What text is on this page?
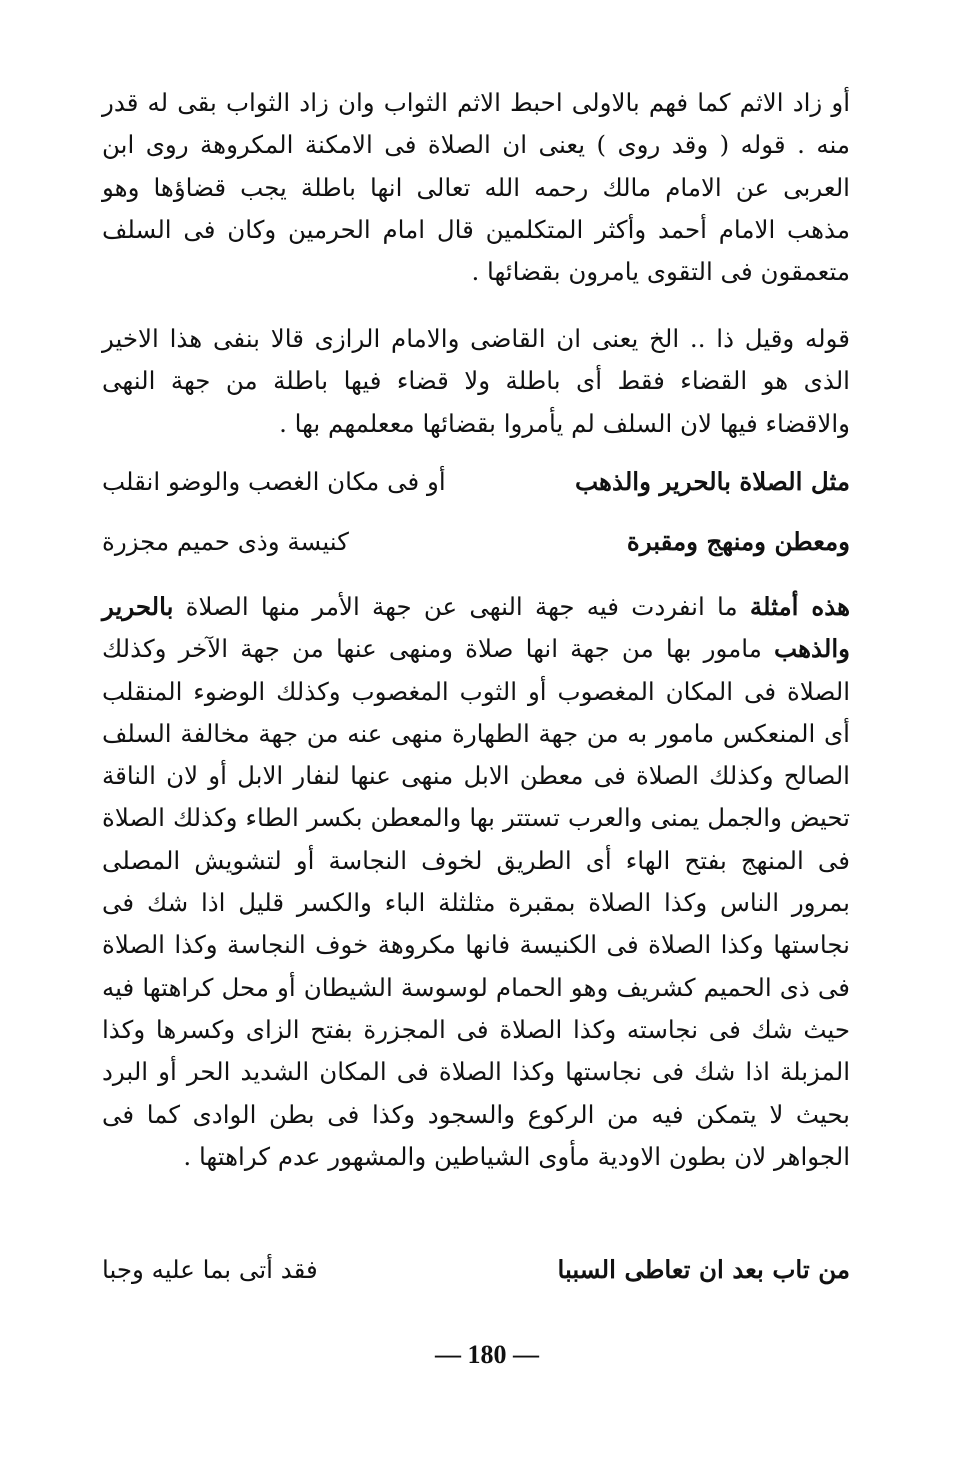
أو زاد الاثم كما فهم بالاولى احبط الاثم الثواب وان زاد الثواب بقى له قدر منه . قوله ( وقد روى ) يعنى ان الصلاة فى الامكنة المكروهة روى ابن العربى عن الامام مالك رحمه الله تعالى انها باطلة يجب قضاؤها وهو مذهب الامام أحمد وأكثر المتكلمين قال امام الحرمين وكان فى السلف متعمقون فى التقوى يامرون بقضائها .

قوله وقيل ذا .. الخ يعنى ان القاضى والامام الرازى قالا بنفى هذا الاخير الذى هو القضاء فقط أى باطلة ولا قضاء فيها باطلة من جهة النهى والاقضاء فيها لان السلف لم يأمروا بقضائها مععلمهم بها .

مثل الصلاة بالحرير والذهب
أو فى مكان الغصب والوضو انقلب
ومعطن ومنهج ومقبرة
كنيسة وذى حميم مجزرة

هذه أمثلة ما انفردت فيه جهة النهى عن جهة الأمر منها الصلاة بالحرير والذهب مامور بها من جهة انها صلاة ومنهى عنها من جهة الآخر وكذلك الصلاة فى المكان المغصوب أو الثوب المغصوب وكذلك الوضوء المنقلب أى المنعكس مامور به من جهة الطهارة منهى عنه من جهة مخالفة السلف الصالح وكذلك الصلاة فى معطن الابل منهى عنها لنفار الابل أو لان الناقة تحيض والجمل يمنى والعرب تستتر بها والمعطن بكسر الطاء وكذلك الصلاة فى المنهج بفتح الهاء أى الطريق لخوف النجاسة أو لتشويش المصلى بمرور الناس وكذا الصلاة بمقبرة مثلثلة الباء والكسر قليل اذا شك فى نجاستها وكذا الصلاة فى الكنيسة فانها مكروهة خوف النجاسة وكذا الصلاة فى ذى الحميم كشريف وهو الحمام لوسوسة الشيطان أو محل كراهتها فيه حيث شك فى نجاسته وكذا الصلاة فى المجزرة بفتح الزاى وكسرها وكذا المزبلة اذا شك فى نجاستها وكذا الصلاة فى المكان الشديد الحر أو البرد بحيث لا يتمكن فيه من الركوع والسجود وكذا فى بطن الوادى كما فى الجواهر لان بطون الاودية مأوى الشياطين والمشهور عدم كراهتها .

من تاب بعد ان تعاطى السببا
فقد أتى بما عليه وجبا
— 180 —
